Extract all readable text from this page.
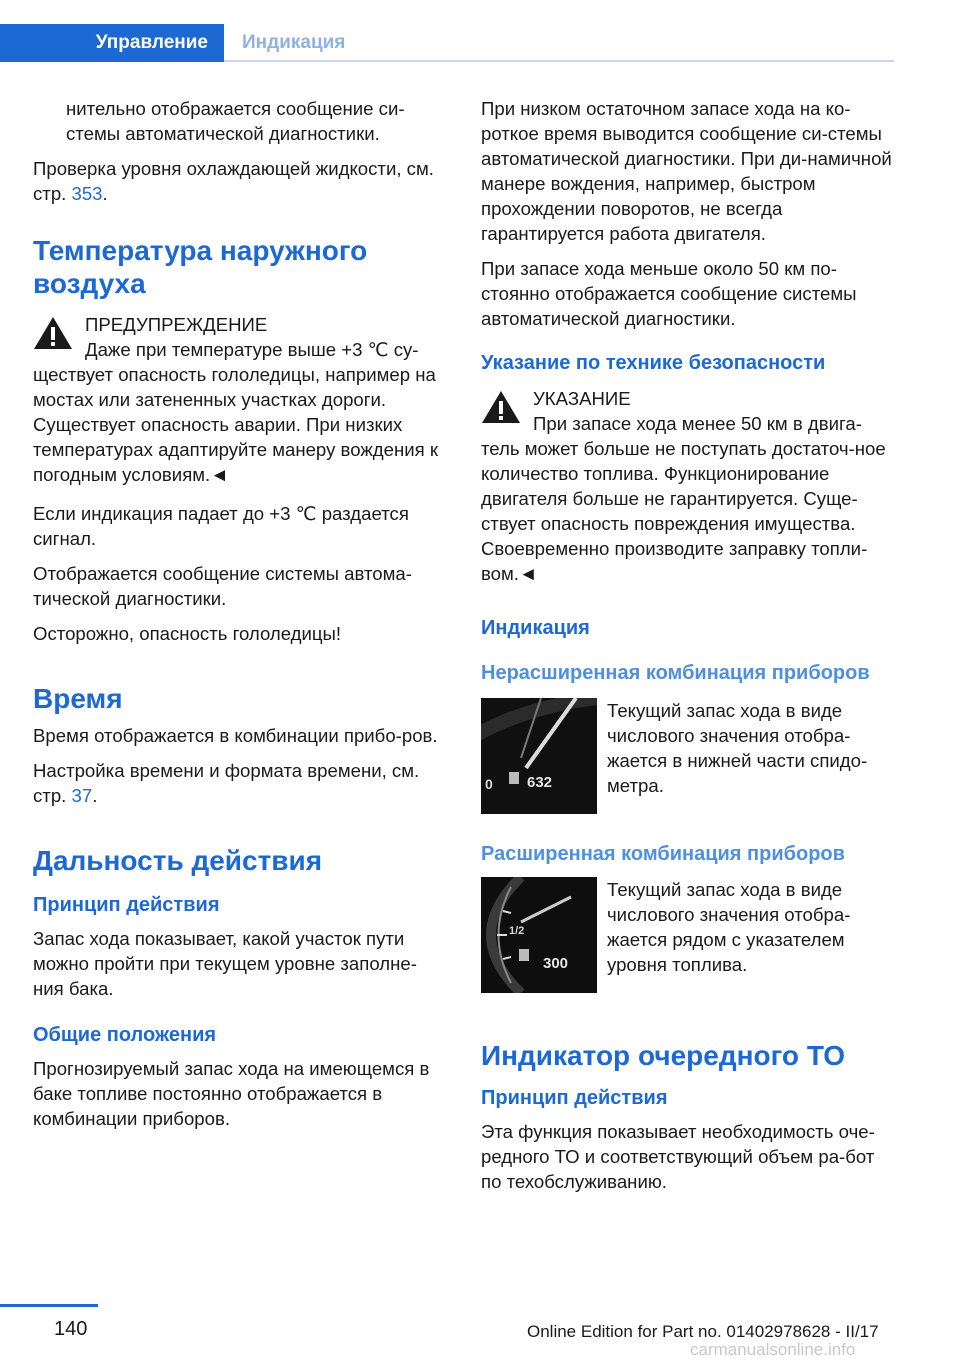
Управление	Индикация

нительно отображается сообщение си‐стемы автоматической диагностики.

Проверка уровня охлаждающей жидкости, см. стр. 353.

Температура наружного воздуха

ПРЕДУПРЕЖДЕНИЕ

Даже при температуре выше +3 ℃ су‐

ществует опасность гололедицы, например на мостах или затененных участках дороги. Существует опасность аварии. При низких температурах адаптируйте манеру вождения к погодным условиям.◄

Если индикация падает до +3 ℃ раздается сигнал.

Отображается сообщение системы автома‐тической диагностики.

Осторожно, опасность гололедицы!

Время

Время отображается в комбинации прибо‐ров.

Настройка времени и формата времени, см. стр. 37.

Дальность действия
Принцип действия

Запас хода показывает, какой участок пути можно пройти при текущем уровне заполне‐ния бака.

Общие положения

Прогнозируемый запас хода на имеющемся в баке топливе постоянно отображается в комбинации приборов.

При низком остаточном запасе хода на ко‐роткое время выводится сообщение си‐стемы автоматической диагностики. При ди‐намичной манере вождения, например, быстром прохождении поворотов, не всегда гарантируется работа двигателя.

При запасе хода меньше около 50 км по‐стоянно отображается сообщение системы автоматической диагностики.

Указание по технике безопасности

УКАЗАНИЕ

При запасе хода менее 50 км в двига‐

тель может больше не поступать достаточ‐ное количество топлива. Функционирование двигателя больше не гарантируется. Суще‐ствует опасность повреждения имущества. Своевременно производите заправку топли‐вом.◄

Индикация
Нерасширенная комбинация приборов
0 632

Текущий запас хода в виде числового значения отобра‐жается в нижней части спидо‐метра.

Расширенная комбинация приборов
1/2
300

Текущий запас хода в виде числового значения отобра‐жается рядом с указателем уровня топлива.

Индикатор очередного ТО
Принцип действия

Эта функция показывает необходимость оче‐редного ТО и соответствующий объем ра‐бот по техобслуживанию.

140	Online Edition for Part no. 01402978628 - II/17
carmanualsonline.info
